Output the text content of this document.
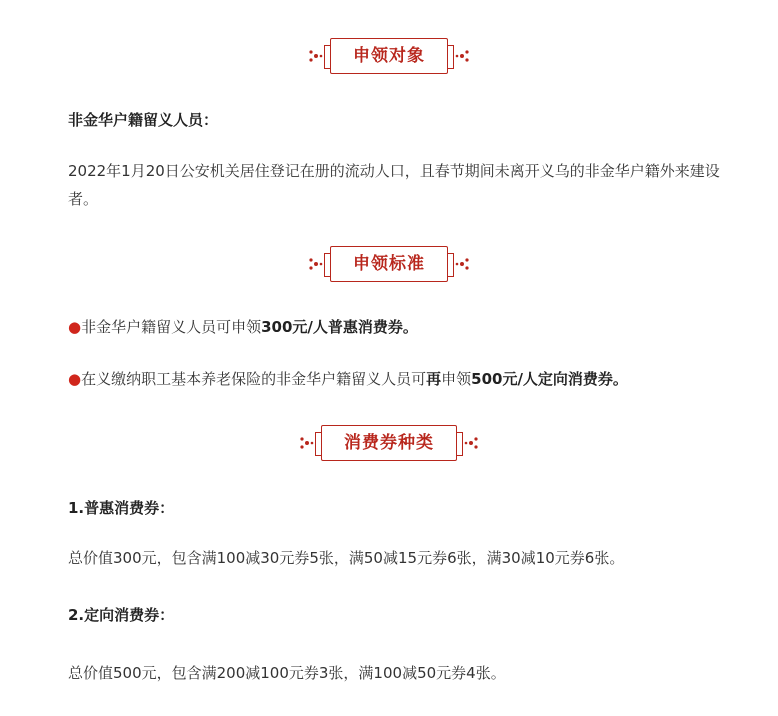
申领对象
非金华户籍留义人员：
2022年1月20日公安机关居住登记在册的流动人口，且春节期间未离开义乌的非金华户籍外来建设者。
申领标准
●非金华户籍留义人员可申领300元/人普惠消费券。
●在义缴纳职工基本养老保险的非金华户籍留义人员可再申领500元/人定向消费券。
消费券种类
1.普惠消费券：
总价值300元，包含满100减30元券5张，满50减15元券6张，满30减10元券6张。
2.定向消费券：
总价值500元，包含满200减100元券3张，满100减50元券4张。
